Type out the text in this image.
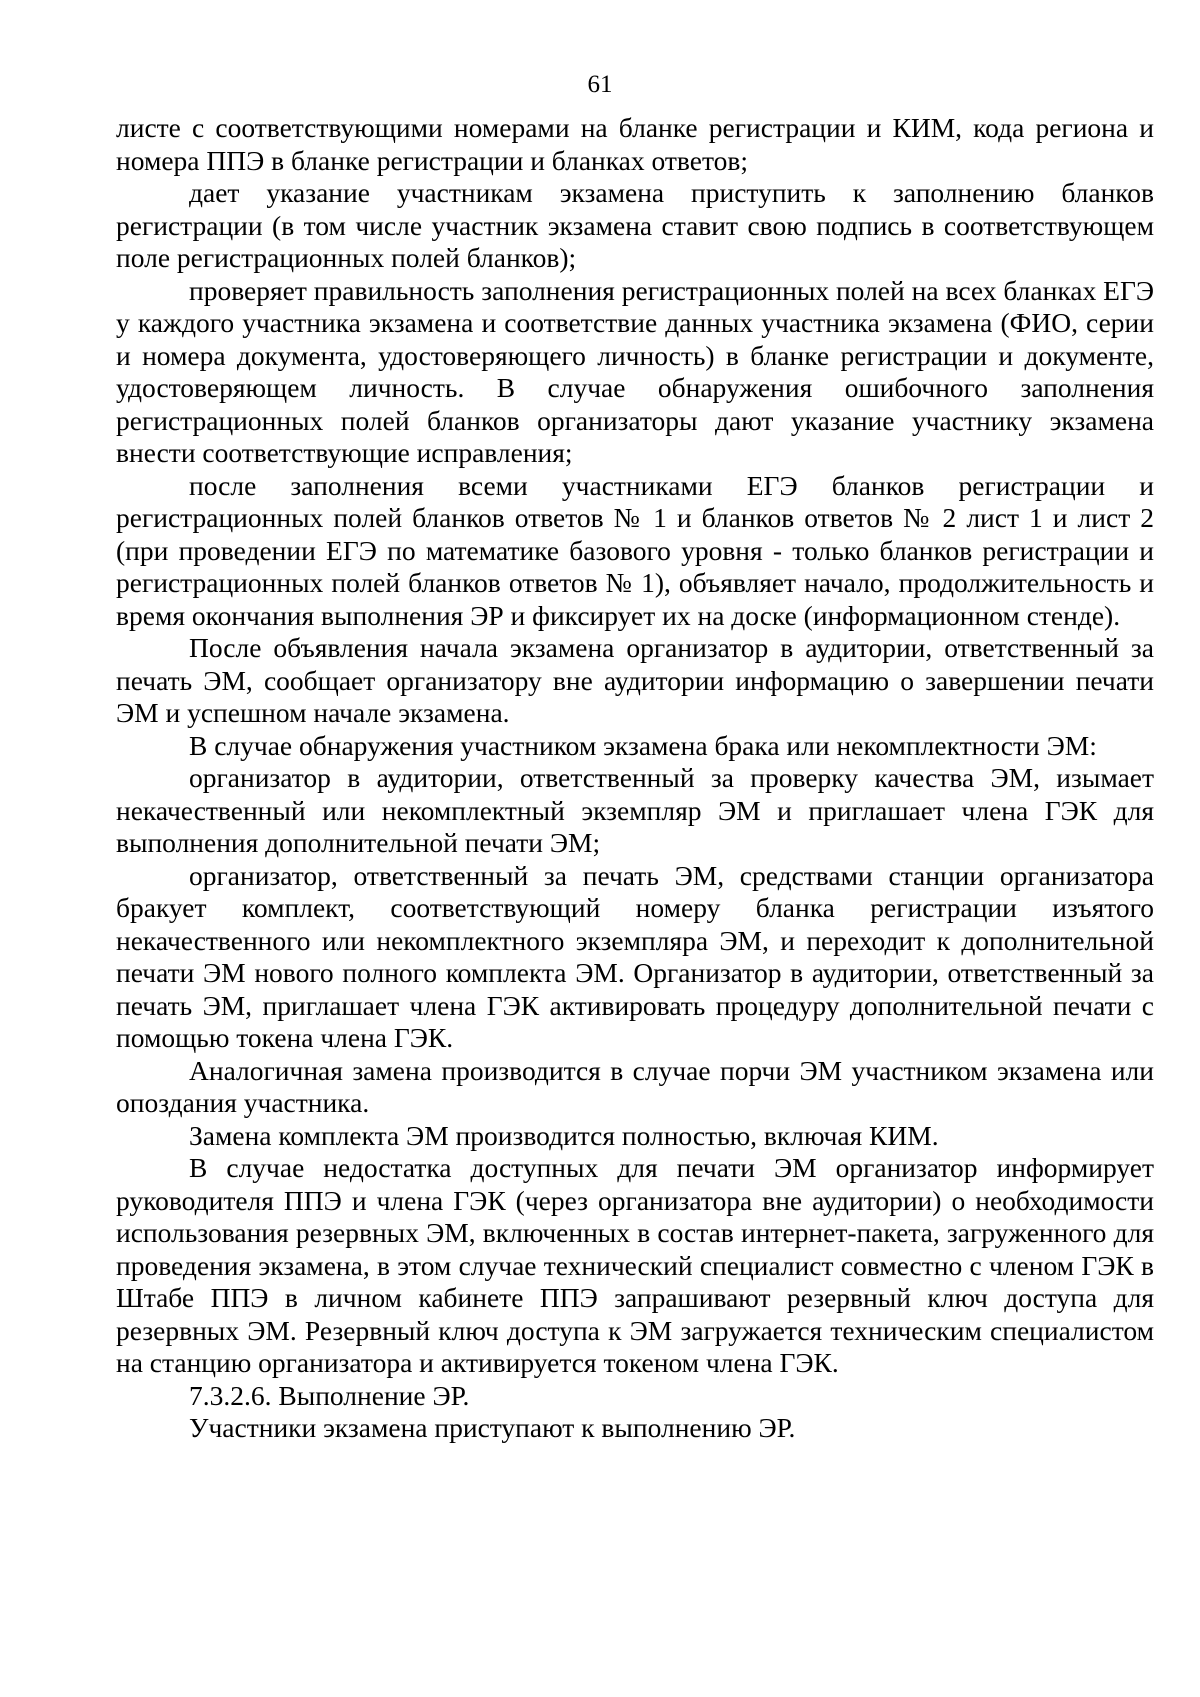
61

листе с соответствующими номерами на бланке регистрации и КИМ, кода региона и номера ППЭ в бланке регистрации и бланках ответов;

дает указание участникам экзамена приступить к заполнению бланков регистрации (в том числе участник экзамена ставит свою подпись в соответствующем поле регистрационных полей бланков);

проверяет правильность заполнения регистрационных полей на всех бланках ЕГЭ у каждого участника экзамена и соответствие данных участника экзамена (ФИО, серии и номера документа, удостоверяющего личность) в бланке регистрации и документе, удостоверяющем личность. В случае обнаружения ошибочного заполнения регистрационных полей бланков организаторы дают указание участнику экзамена внести соответствующие исправления;

после заполнения всеми участниками ЕГЭ бланков регистрации и регистрационных полей бланков ответов № 1 и бланков ответов № 2 лист 1 и лист 2 (при проведении ЕГЭ по математике базового уровня - только бланков регистрации и регистрационных полей бланков ответов № 1), объявляет начало, продолжительность и время окончания выполнения ЭР и фиксирует их на доске (информационном стенде).

После объявления начала экзамена организатор в аудитории, ответственный за печать ЭМ, сообщает организатору вне аудитории информацию о завершении печати ЭМ и успешном начале экзамена.

В случае обнаружения участником экзамена брака или некомплектности ЭМ:

организатор в аудитории, ответственный за проверку качества ЭМ, изымает некачественный или некомплектный экземпляр ЭМ и приглашает члена ГЭК для выполнения дополнительной печати ЭМ;

организатор, ответственный за печать ЭМ, средствами станции организатора бракует комплект, соответствующий номеру бланка регистрации изъятого некачественного или некомплектного экземпляра ЭМ, и переходит к дополнительной печати ЭМ нового полного комплекта ЭМ. Организатор в аудитории, ответственный за печать ЭМ, приглашает члена ГЭК активировать процедуру дополнительной печати с помощью токена члена ГЭК.

Аналогичная замена производится в случае порчи ЭМ участником экзамена или опоздания участника.

Замена комплекта ЭМ производится полностью, включая КИМ.

В случае недостатка доступных для печати ЭМ организатор информирует руководителя ППЭ и члена ГЭК (через организатора вне аудитории) о необходимости использования резервных ЭМ, включенных в состав интернет-пакета, загруженного для проведения экзамена, в этом случае технический специалист совместно с членом ГЭК в Штабе ППЭ в личном кабинете ППЭ запрашивают резервный ключ доступа для резервных ЭМ. Резервный ключ доступа к ЭМ загружается техническим специалистом на станцию организатора и активируется токеном члена ГЭК.

7.3.2.6. Выполнение ЭР.

Участники экзамена приступают к выполнению ЭР.
